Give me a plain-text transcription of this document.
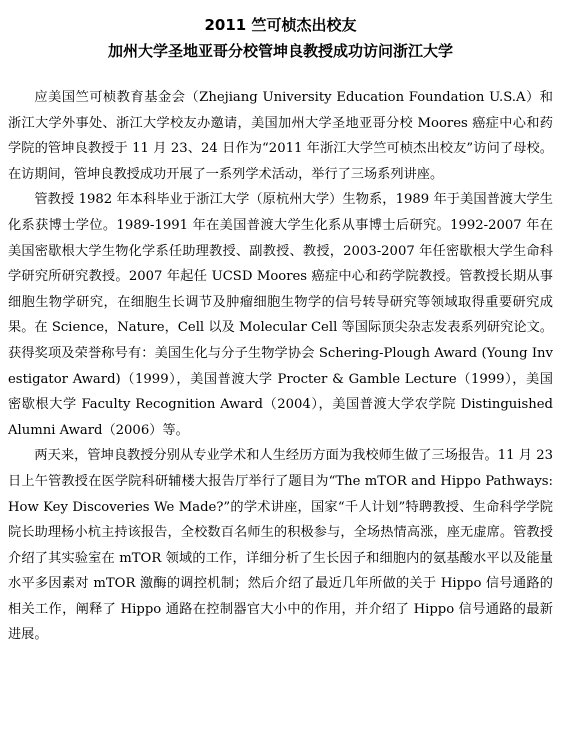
2011 竺可桢杰出校友
加州大学圣地亚哥分校管坤良教授成功访问浙江大学

应美国竺可桢教育基金会（Zhejiang University Education Foundation U.S.A）和浙江大学外事处、浙江大学校友办邀请，美国加州大学圣地亚哥分校 Moores 癌症中心和药学院的管坤良教授于 11 月 23、24 日作为“2011 年浙江大学竺可桢杰出校友”访问了母校。在访期间，管坤良教授成功开展了一系列学术活动，举行了三场系列讲座。

管教授 1982 年本科毕业于浙江大学（原杭州大学）生物系，1989 年于美国普渡大学生化系获博士学位。1989-1991 年在美国普渡大学生化系从事博士后研究。1992-2007 年在美国密歇根大学生物化学系任助理教授、副教授、教授，2003-2007 年任密歇根大学生命科学研究所研究教授。2007 年起任 UCSD Moores 癌症中心和药学院教授。管教授长期从事细胞生物学研究，在细胞生长调节及肿瘤细胞生物学的信号转导研究等领域取得重要研究成果。在 Science，Nature，Cell 以及 Molecular Cell 等国际顶尖杂志发表系列研究论文。获得奖项及荣誉称号有：美国生化与分子生物学协会 Schering-Plough Award (Young Investigator Award)（1999），美国普渡大学 Procter & Gamble Lecture（1999），美国密歇根大学 Faculty Recognition Award（2004），美国普渡大学农学院 Distinguished Alumni Award（2006）等。

两天来，管坤良教授分别从专业学术和人生经历方面为我校师生做了三场报告。11 月 23 日上午管教授在医学院科研辅楼大报告厅举行了题目为“The mTOR and Hippo Pathways: How Key Discoveries We Made?”的学术讲座，国家“千人计划”特聘教授、生命科学学院院长助理杨小杭主持该报告，全校数百名师生的积极参与，全场热情高涨，座无虚席。管教授介绍了其实验室在 mTOR 领域的工作，详细分析了生长因子和细胞内的氨基酸水平以及能量水平多因素对 mTOR 激酶的调控机制；然后介绍了最近几年所做的关于 Hippo 信号通路的相关工作，阐释了 Hippo 通路在控制器官大小中的作用，并介绍了 Hippo 信号通路的最新进展。
